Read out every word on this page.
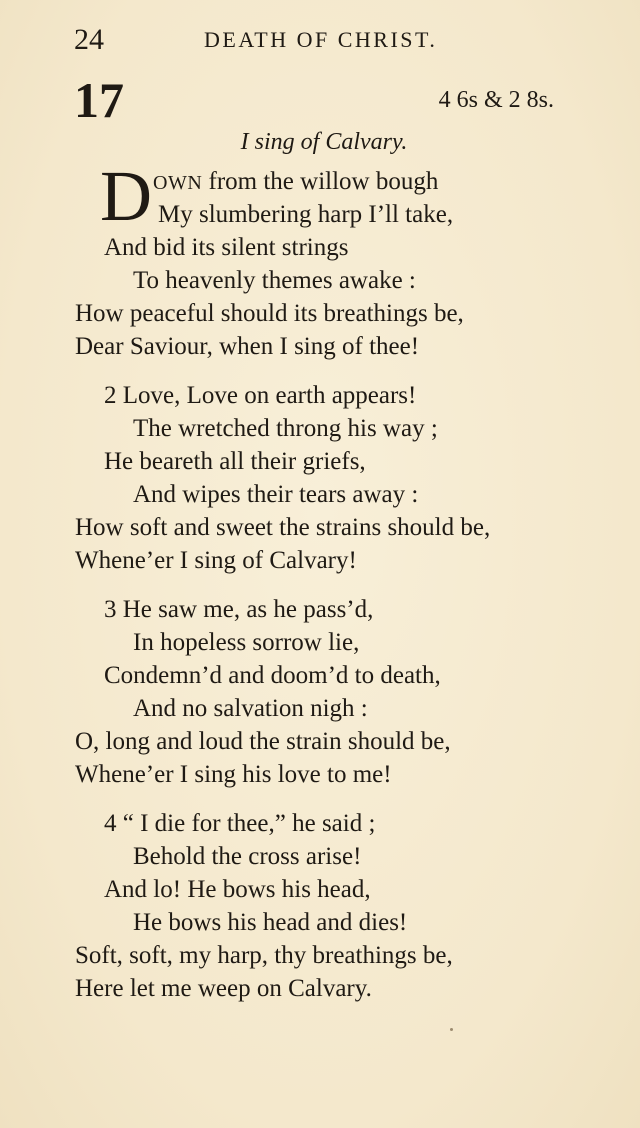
24	DEATH OF CHRIST.
17	4 6s & 2 8s.
I sing of Calvary.
D OWN from the willow bough
My slumbering harp I’ll take,
And bid its silent strings
To heavenly themes awake :
How peaceful should its breathings be,
Dear Saviour, when I sing of thee!
2 Love, Love on earth appears!
The wretched throng his way ;
He beareth all their griefs,
And wipes their tears away :
How soft and sweet the strains should be,
Whene’er I sing of Calvary!
3 He saw me, as he pass’d,
In hopeless sorrow lie,
Condemn’d and doom’d to death,
And no salvation nigh :
O, long and loud the strain should be,
Whene’er I sing his love to me!
4 “ I die for thee,” he said ;
Behold the cross arise!
And lo! He bows his head,
He bows his head and dies!
Soft, soft, my harp, thy breathings be,
Here let me weep on Calvary.
